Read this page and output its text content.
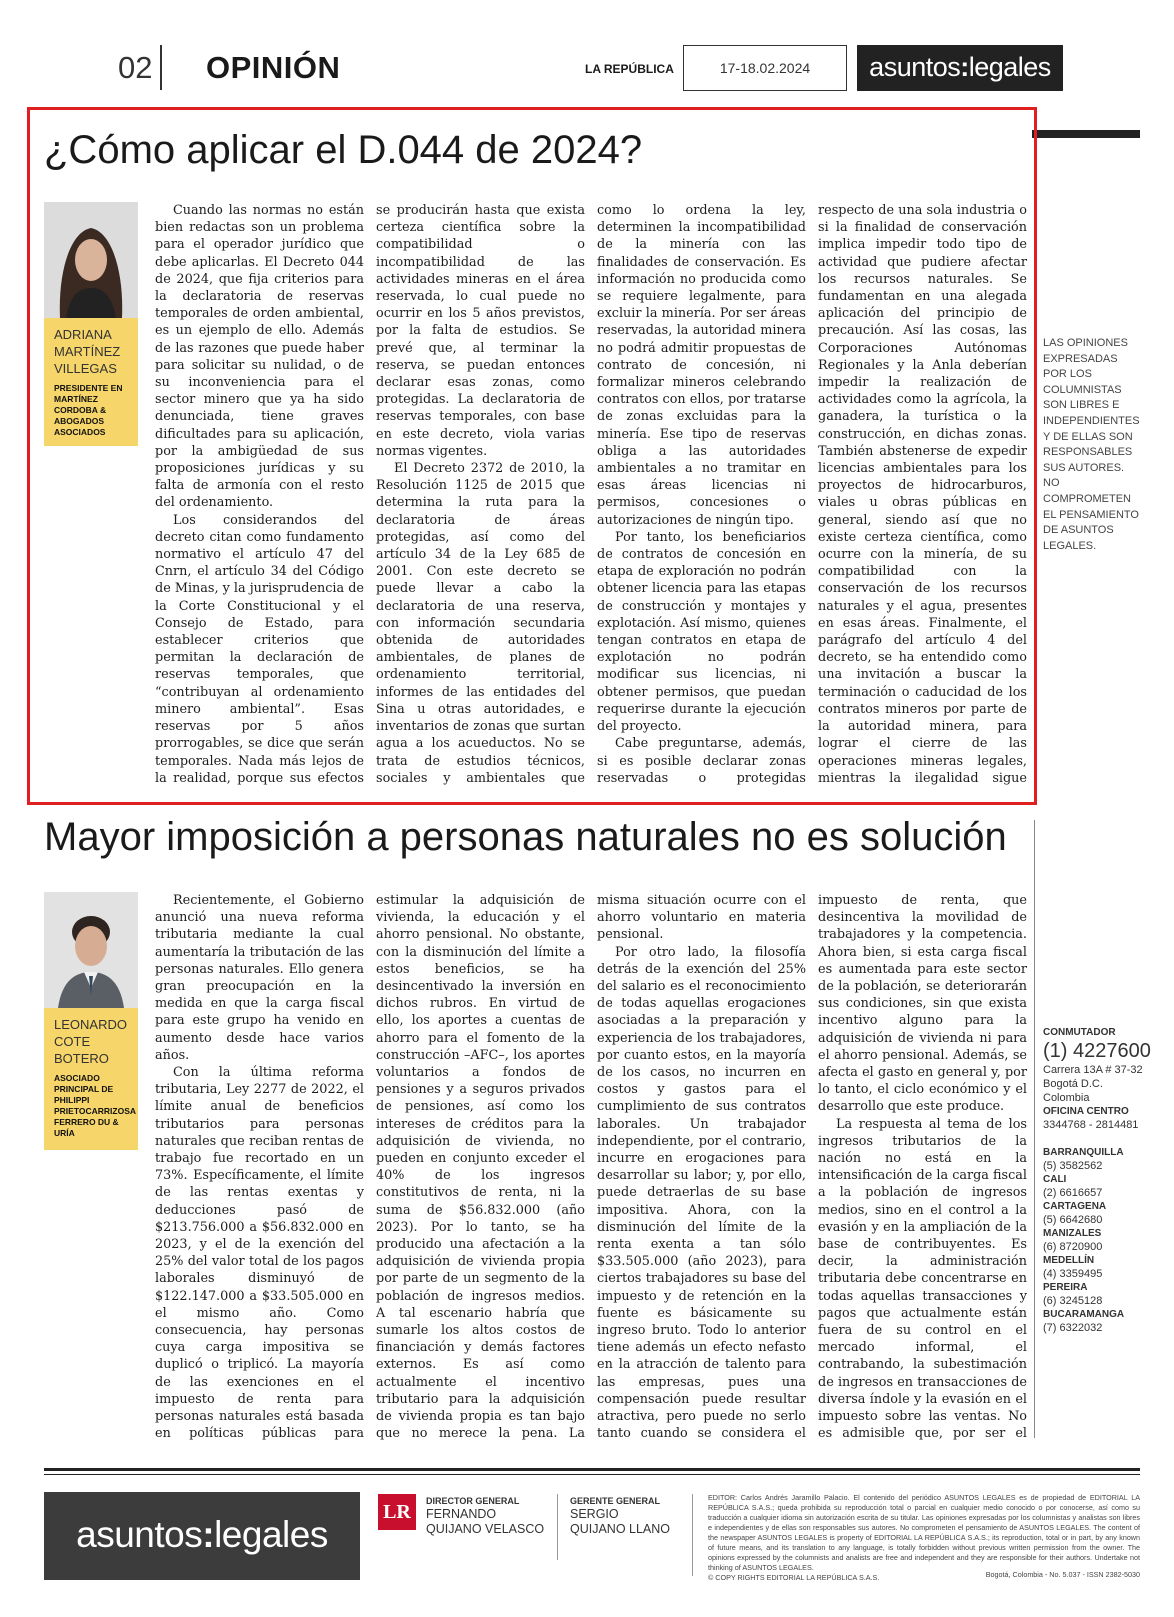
02 OPINIÓN	LA REPÚBLICA	17-18.02.2024	asuntos:legales
¿Cómo aplicar el D.044 de 2024?
ADRIANA MARTÍNEZ VILLEGAS
PRESIDENTE EN MARTÍNEZ CORDOBA & ABOGADOS ASOCIADOS

Cuando las normas no están bien redactas son un problema para el operador jurídico que debe aplicarlas. El Decreto 044 de 2024, que fija criterios para la declaratoria de reservas temporales de orden ambiental, es un ejemplo de ello. Además de las razones que puede haber para solicitar su nulidad, o de su inconveniencia para el sector minero que ya ha sido denunciada, tiene graves dificultades para su aplicación, por la ambigüedad de sus proposiciones jurídicas y su falta de armonía con el resto del ordenamiento.

Los considerandos del decreto citan como fundamento normativo el artículo 47 del Cnrn, el artículo 34 del Código de Minas, y la jurisprudencia de la Corte Constitucional y el Consejo de Estado, para establecer criterios que permitan la declaración de reservas temporales, que “contribuyan al ordenamiento minero ambiental”. Esas reservas por 5 años prorrogables, se dice que serán temporales. Nada más lejos de la realidad, porque sus efectos se producirán hasta que exista certeza científica sobre la compatibilidad o incompatibilidad de las actividades mineras en el área reservada, lo cual puede no ocurrir en los 5 años previstos, por la falta de estudios. Se prevé que, al terminar la reserva, se puedan entonces declarar esas zonas, como protegidas. La declaratoria de reservas temporales, con base en este decreto, viola varias normas vigentes.

El Decreto 2372 de 2010, la Resolución 1125 de 2015 que determina la ruta para la declaratoria de áreas protegidas, así como del artículo 34 de la Ley 685 de 2001. Con este decreto se puede llevar a cabo la declaratoria de una reserva, con información secundaria obtenida de autoridades ambientales, de planes de ordenamiento territorial, informes de las entidades del Sina u otras autoridades, e inventarios de zonas que surtan agua a los acueductos. No se trata de estudios técnicos, sociales y ambientales que como lo ordena la ley, determinen la incompatibilidad de la minería con las finalidades de conservación. Es información no producida como se requiere legalmente, para excluir la minería. Por ser áreas reservadas, la autoridad minera no podrá admitir propuestas de contrato de concesión, ni formalizar mineros celebrando contratos con ellos, por tratarse de zonas excluidas para la minería. Ese tipo de reservas obliga a las autoridades ambientales a no tramitar en esas áreas licencias ni permisos, concesiones o autorizaciones de ningún tipo.

Por tanto, los beneficiarios de contratos de concesión en etapa de exploración no podrán obtener licencia para las etapas de construcción y montajes y explotación. Así mismo, quienes tengan contratos en etapa de explotación no podrán modificar sus licencias, ni obtener permisos, que puedan requerirse durante la ejecución del proyecto.

Cabe preguntarse, además, si es posible declarar zonas reservadas o protegidas respecto de una sola industria o si la finalidad de conservación implica impedir todo tipo de actividad que pudiere afectar los recursos naturales. Se fundamentan en una alegada aplicación del principio de precaución. Así las cosas, las Corporaciones Autónomas Regionales y la Anla deberían impedir la realización de actividades como la agrícola, la ganadera, la turística o la construcción, en dichas zonas. También abstenerse de expedir licencias ambientales para los proyectos de hidrocarburos, viales u obras públicas en general, siendo así que no existe certeza científica, como ocurre con la minería, de su compatibilidad con la conservación de los recursos naturales y el agua, presentes en esas áreas. Finalmente, el parágrafo del artículo 4 del decreto, se ha entendido como una invitación a buscar la terminación o caducidad de los contratos mineros por parte de la autoridad minera, para lograr el cierre de las operaciones mineras legales, mientras la ilegalidad sigue

LAS OPINIONES EXPRESADAS POR LOS COLUMNISTAS SON LIBRES E INDEPENDIENTES Y DE ELLAS SON RESPONSABLES SUS AUTORES. NO COMPROMETEN EL PENSAMIENTO DE ASUNTOS LEGALES.
Mayor imposición a personas naturales no es solución
LEONARDO COTE BOTERO
ASOCIADO PRINCIPAL DE PHILIPPI PRIETOCARRIZOSA FERRERO DU & URÍA

Recientemente, el Gobierno anunció una nueva reforma tributaria mediante la cual aumentaría la tributación de las personas naturales. Ello genera gran preocupación en la medida en que la carga fiscal para este grupo ha venido en aumento desde hace varios años.

Con la última reforma tributaria, Ley 2277 de 2022, el límite anual de beneficios tributarios para personas naturales que reciban rentas de trabajo fue recortado en un 73%. Específicamente, el límite de las rentas exentas y deducciones pasó de $213.756.000 a $56.832.000 en 2023, y el de la exención del 25% del valor total de los pagos laborales disminuyó de $122.147.000 a $33.505.000 en el mismo año. Como consecuencia, hay personas cuya carga impositiva se duplicó o triplicó. La mayoría de las exenciones en el impuesto de renta para personas naturales está basada en políticas públicas para estimular la adquisición de vivienda, la educación y el ahorro pensional. No obstante, con la disminución del límite a estos beneficios, se ha desincentivado la inversión en dichos rubros. En virtud de ello, los aportes a cuentas de ahorro para el fomento de la construcción –AFC–, los aportes voluntarios a fondos de pensiones y a seguros privados de pensiones, así como los intereses de créditos para la adquisición de vivienda, no pueden en conjunto exceder el 40% de los ingresos constitutivos de renta, ni la suma de $56.832.000 (año 2023). Por lo tanto, se ha producido una afectación a la adquisición de vivienda propia por parte de un segmento de la población de ingresos medios. A tal escenario habría que sumarle los altos costos de financiación y demás factores externos. Es así como actualmente el incentivo tributario para la adquisición de vivienda propia es tan bajo que no merece la pena. La misma situación ocurre con el ahorro voluntario en materia pensional.

Por otro lado, la filosofía detrás de la exención del 25% del salario es el reconocimiento de todas aquellas erogaciones asociadas a la preparación y experiencia de los trabajadores, por cuanto estos, en la mayoría de los casos, no incurren en costos y gastos para el cumplimiento de sus contratos laborales. Un trabajador independiente, por el contrario, incurre en erogaciones para desarrollar su labor; y, por ello, puede detraerlas de su base impositiva. Ahora, con la disminución del límite de la renta exenta a tan sólo $33.505.000 (año 2023), para ciertos trabajadores su base del impuesto y de retención en la fuente es básicamente su ingreso bruto. Todo lo anterior tiene además un efecto nefasto en la atracción de talento para las empresas, pues una compensación puede resultar atractiva, pero puede no serlo tanto cuando se considera el impuesto de renta, que desincentiva la movilidad de trabajadores y la competencia. Ahora bien, si esta carga fiscal es aumentada para este sector de la población, se deteriorarán sus condiciones, sin que exista incentivo alguno para la adquisición de vivienda ni para el ahorro pensional. Además, se afecta el gasto en general y, por lo tanto, el ciclo económico y el desarrollo que este produce.

La respuesta al tema de los ingresos tributarios de la nación no está en la intensificación de la carga fiscal a la población de ingresos medios, sino en el control a la evasión y en la ampliación de la base de contribuyentes. Es decir, la administración tributaria debe concentrarse en todas aquellas transacciones y pagos que actualmente están fuera de su control en el mercado informal, el contrabando, la subestimación de ingresos en transacciones de diversa índole y la evasión en el impuesto sobre las ventas. No es admisible que, por ser el

CONMUTADOR
(1) 4227600
Carrera 13A # 37-32
Bogotá D.C.
Colombia
OFICINA CENTRO
3344768 - 2814481
BARRANQUILLA
(5) 3582562
CALI
(2) 6616657
CARTAGENA
(5) 6642680
MANIZALES
(6) 8720900
MEDELLÍN
(4) 3359495
PEREIRA
(6) 3245128
BUCARAMANGA
(7) 6322032
asuntos:legales
LR	DIRECTOR GENERAL
FERNANDO
QUIJANO VELASCO
GERENTE GENERAL
SERGIO
QUIJANO LLANO
EDITOR: Carlos Andrés Jaramillo Palacio. El contenido del periódico ASUNTOS LEGALES es de propiedad de EDITORIAL LA REPÚBLICA S.A.S.; queda prohibida su reproducción total o parcial en cualquier medio conocido o por conocerse, así como su traducción a cualquier idioma sin autorización escrita de su titular. Las opiniones expresadas por los columnistas y analistas son libres e independientes y de ellas son responsables sus autores. No comprometen el pensamiento de ASUNTOS LEGALES. The content of the newspaper ASUNTOS LEGALES is property of EDITORIAL LA REPÚBLICA S.A.S.; its reproduction, total or in part, by any known of future means, and its translation to any language, is totally forbidden without previous written permission from the owner. The opinions expressed by the columnists and analists are free and independent and they are responsible for their authors. Undertake not thinking of ASUNTOS LEGALES.
© COPY RIGHTS EDITORIAL LA REPÚBLICA S.A.S.	Bogotá, Colombia - No. 5.037 - ISSN 2382-5030
